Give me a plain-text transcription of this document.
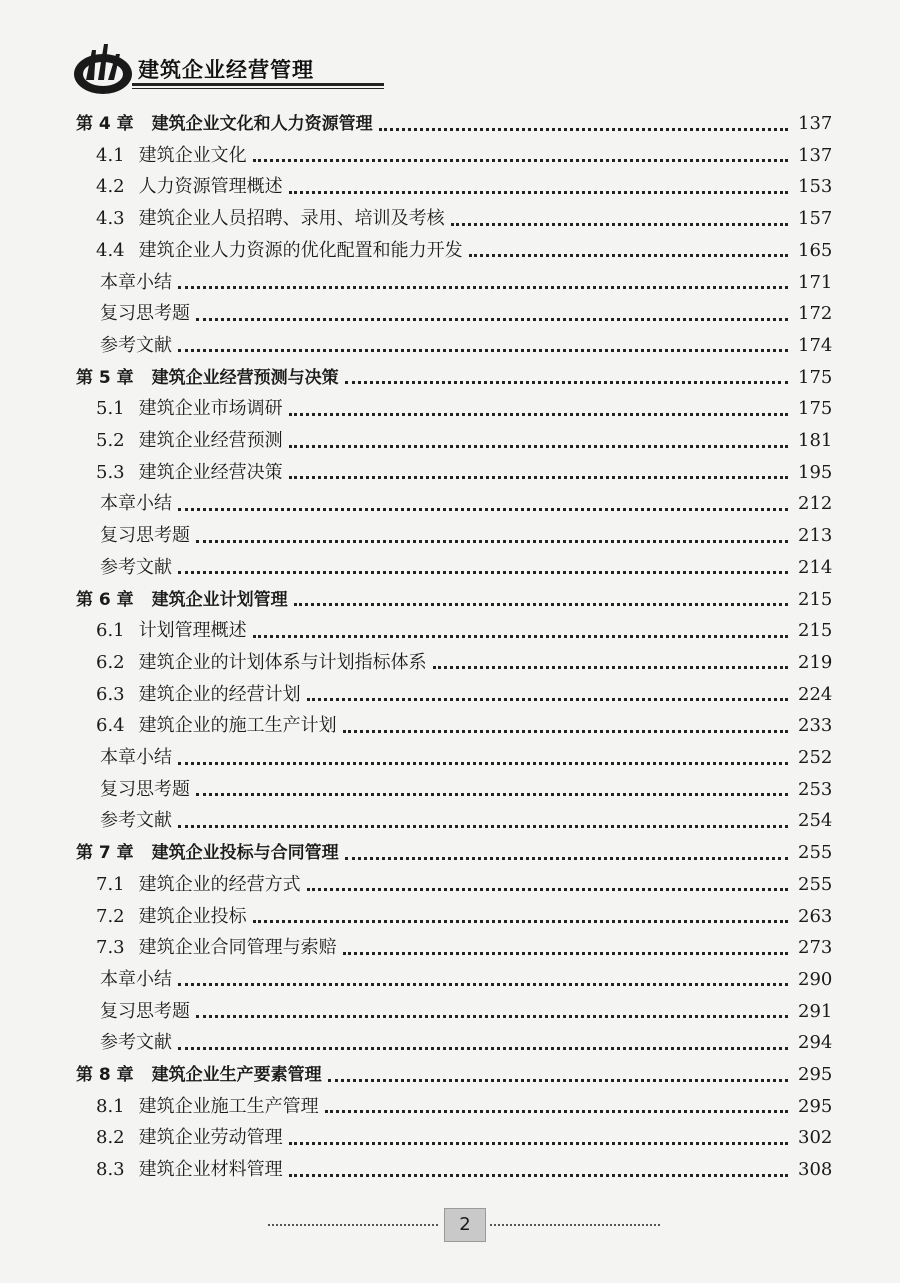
建筑企业经营管理
第 4 章 建筑企业文化和人力资源管理	137
4.1 建筑企业文化	137
4.2 人力资源管理概述	153
4.3 建筑企业人员招聘、录用、培训及考核	157
4.4 建筑企业人力资源的优化配置和能力开发	165
本章小结	171
复习思考题	172
参考文献	174
第 5 章 建筑企业经营预测与决策	175
5.1 建筑企业市场调研	175
5.2 建筑企业经营预测	181
5.3 建筑企业经营决策	195
本章小结	212
复习思考题	213
参考文献	214
第 6 章 建筑企业计划管理	215
6.1 计划管理概述	215
6.2 建筑企业的计划体系与计划指标体系	219
6.3 建筑企业的经营计划	224
6.4 建筑企业的施工生产计划	233
本章小结	252
复习思考题	253
参考文献	254
第 7 章 建筑企业投标与合同管理	255
7.1 建筑企业的经营方式	255
7.2 建筑企业投标	263
7.3 建筑企业合同管理与索赔	273
本章小结	290
复习思考题	291
参考文献	294
第 8 章 建筑企业生产要素管理	295
8.1 建筑企业施工生产管理	295
8.2 建筑企业劳动管理	302
8.3 建筑企业材料管理	308
2
